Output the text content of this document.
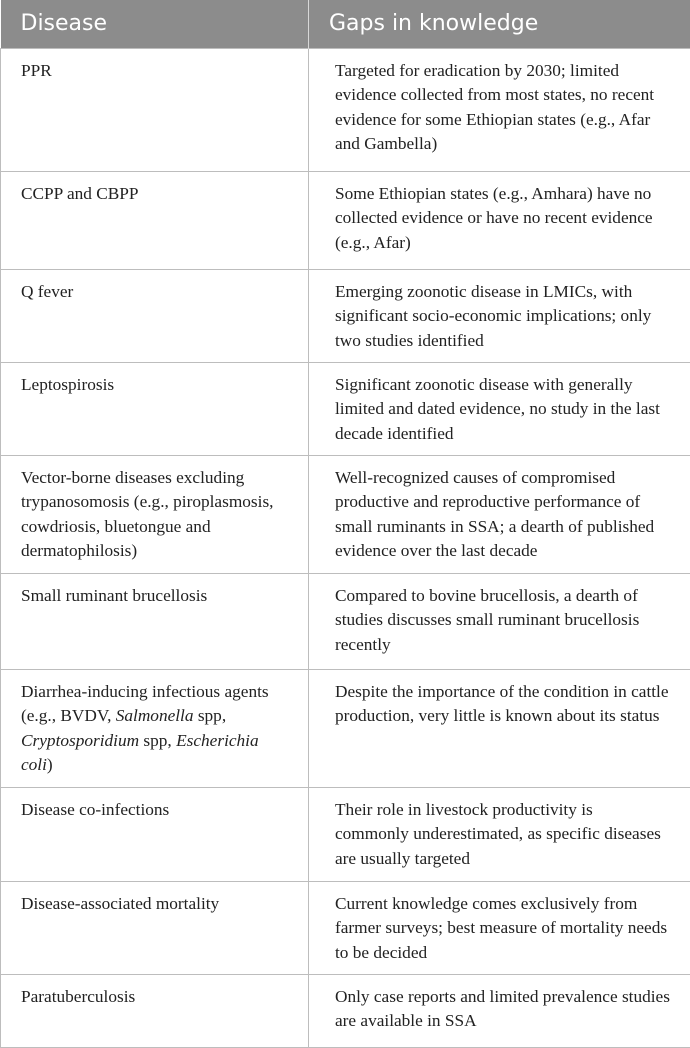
Disease	Gaps in knowledge
PPR	Targeted for eradication by 2030; limited evidence collected from most states, no recent evidence for some Ethiopian states (e.g., Afar and Gambella)
CCPP and CBPP	Some Ethiopian states (e.g., Amhara) have no collected evidence or have no recent evidence (e.g., Afar)
Q fever	Emerging zoonotic disease in LMICs, with significant socio-economic implications; only two studies identified
Leptospirosis	Significant zoonotic disease with generally limited and dated evidence, no study in the last decade identified
Vector-borne diseases excluding trypanosomosis (e.g., piroplasmosis, cowdriosis, bluetongue and dermatophilosis)	Well-recognized causes of compromised productive and reproductive performance of small ruminants in SSA; a dearth of published evidence over the last decade
Small ruminant brucellosis	Compared to bovine brucellosis, a dearth of studies discusses small ruminant brucellosis recently
Diarrhea-inducing infectious agents (e.g., BVDV, Salmonella spp, Cryptosporidium spp, Escherichia coli)	Despite the importance of the condition in cattle production, very little is known about its status
Disease co-infections	Their role in livestock productivity is commonly underestimated, as specific diseases are usually targeted
Disease-associated mortality	Current knowledge comes exclusively from farmer surveys; best measure of mortality needs to be decided
Paratuberculosis	Only case reports and limited prevalence studies are available in SSA
